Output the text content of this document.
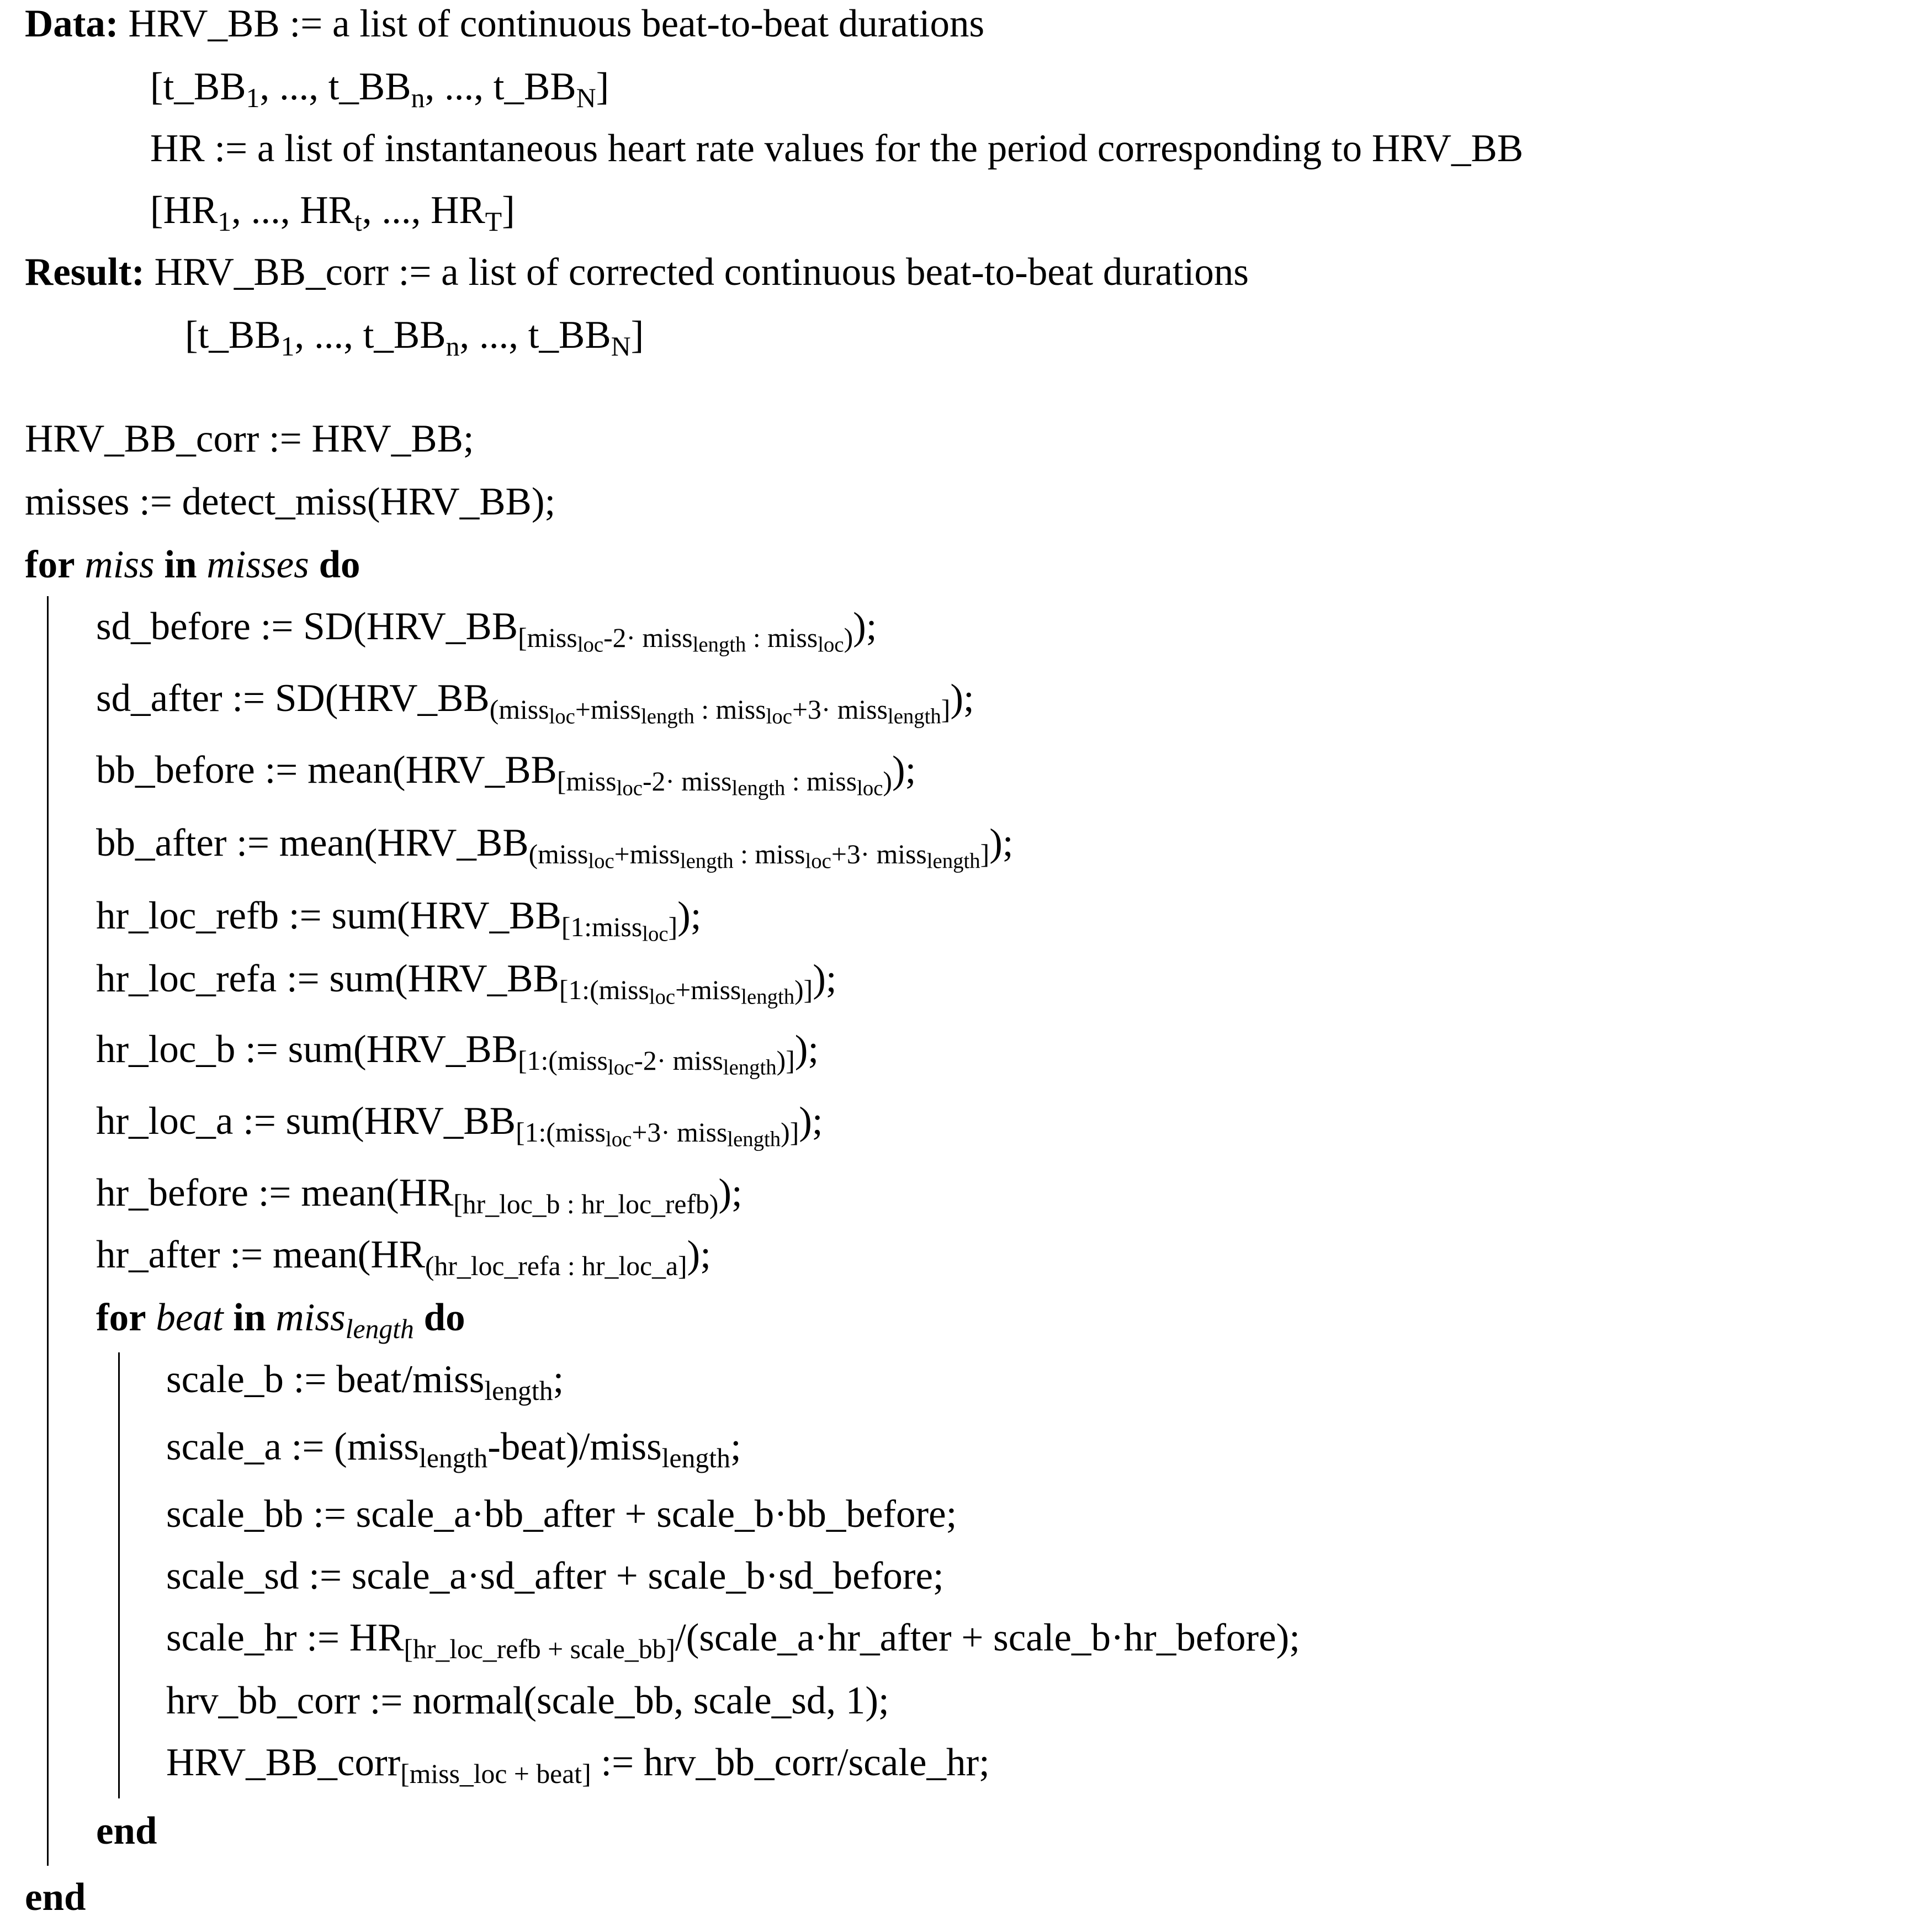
Data: HRV_BB := a list of continuous beat-to-beat durations
[$t\_BB_1$, ..., $t\_BB_n$, ..., $t\_BB_N$]
HR := a list of instantaneous heart rate values for the period corresponding to HRV_BB
[$HR_1$, ..., $HR_t$, ..., $HR_T$]
Result: HRV_BB_corr := a list of corrected continuous beat-to-beat durations
[$t\_BB_1$, ..., $t\_BB_n$, ..., $t\_BB_N$]
HRV_BB_corr := HRV_BB;
misses := detect_miss(HRV_BB);
for miss in misses do
sd_before := $SD(HRV\_BB_{[miss_{loc}-2\cdot miss_{length} : miss_{loc})})$;
sd_after := $SD(HRV\_BB_{(miss_{loc}+miss_{length} : miss_{loc}+3\cdot miss_{length}]})$;
bb_before := $mean(HRV\_BB_{[miss_{loc}-2\cdot miss_{length} : miss_{loc})})$;
bb_after := $mean(HRV\_BB_{(miss_{loc}+miss_{length} : miss_{loc}+3\cdot miss_{length}]})$;
hr_loc_refb := $sum(HRV\_BB_{[1:miss_{loc}]})$;
hr_loc_refa := $sum(HRV\_BB_{[1:(miss_{loc}+miss_{length})]})$;
hr_loc_b := $sum(HRV\_BB_{[1:(miss_{loc}-2\cdot miss_{length})]})$;
hr_loc_a := $sum(HRV\_BB_{[1:(miss_{loc}+3\cdot miss_{length})]})$;
hr_before := $mean(HR_{[hr\_loc\_b : hr\_loc\_refb)})$;
hr_after := $mean(HR_{(hr\_loc\_refa : hr\_loc\_a]})$;
for beat in miss$_{length}$ do
scale_b := beat/miss$_{length}$;
scale_a := (miss$_{length}$-beat)/miss$_{length}$;
scale_bb := scale_a·bb_after + scale_b·bb_before;
scale_sd := scale_a·sd_after + scale_b·sd_before;
scale_hr := $HR_{[hr\_loc\_refb + scale\_bb]}/(scale\_a\cdot hr\_after$ + scale_b·hr_before);
hrv_bb_corr := normal(scale_bb, scale_sd, 1);
HRV_BB_corr$_{[miss\_loc + beat]}$ := hrv_bb_corr/scale_hr;
end
end
